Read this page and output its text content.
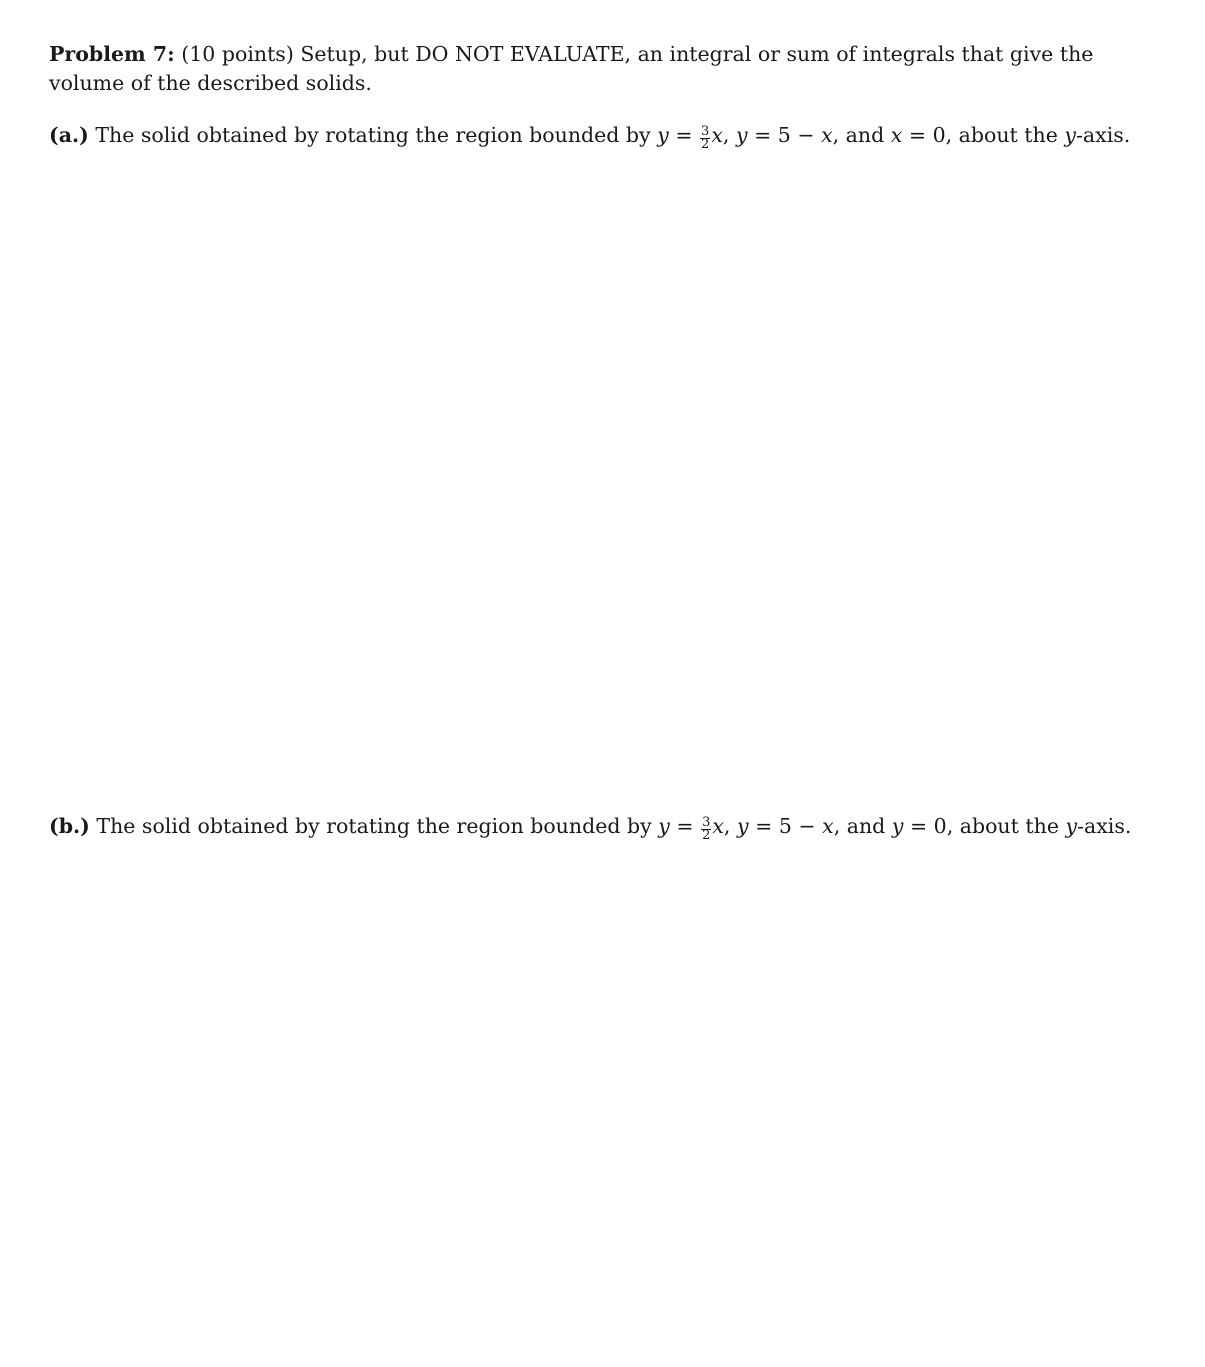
Problem 7: (10 points) Setup, but DO NOT EVALUATE, an integral or sum of integrals that give the volume of the described solids.
(a.) The solid obtained by rotating the region bounded by $y = \frac{3}{2} x$, y = 5 − x, and x = 0, about the y-axis.
(b.) The solid obtained by rotating the region bounded by $y = \frac{3}{2} x$, y = 5 − x, and y = 0, about the y-axis.
